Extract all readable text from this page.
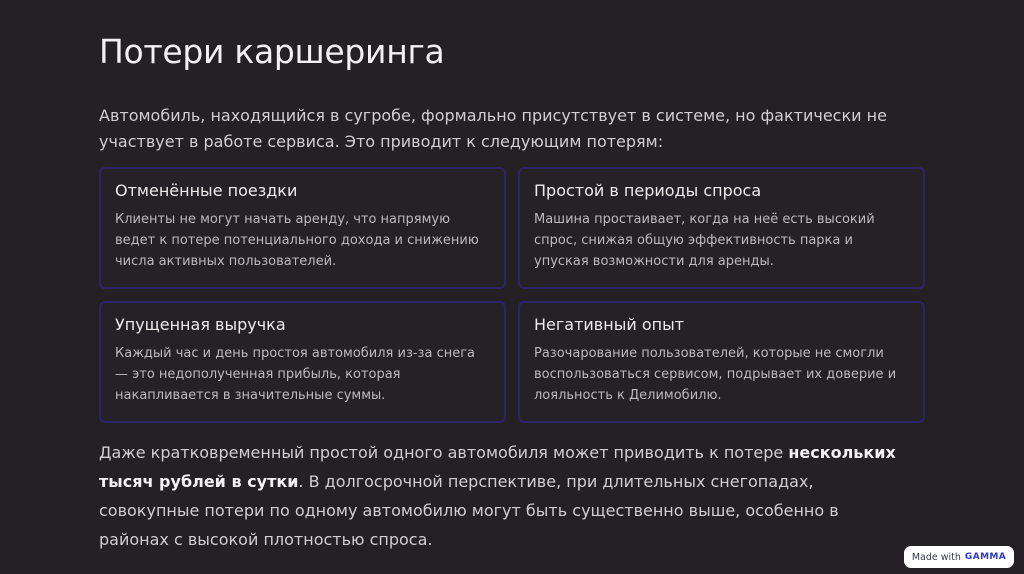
Потери каршеринга

Автомобиль, находящийся в сугробе, формально присутствует в системе, но фактически не участвует в работе сервиса. Это приводит к следующим потерям:

Отменённые поездки
Клиенты не могут начать аренду, что напрямую ведет к потере потенциального дохода и снижению числа активных пользователей.
Простой в периоды спроса
Машина простаивает, когда на неё есть высокий спрос, снижая общую эффективность парка и упуская возможности для аренды.
Упущенная выручка
Каждый час и день простоя автомобиля из-за снега — это недополученная прибыль, которая накапливается в значительные суммы.
Негативный опыт
Разочарование пользователей, которые не смогли воспользоваться сервисом, подрывает их доверие и лояльность к Делимобилю.

Даже кратковременный простой одного автомобиля может приводить к потере нескольких тысяч рублей в сутки. В долгосрочной перспективе, при длительных снегопадах, совокупные потери по одному автомобилю могут быть существенно выше, особенно в районах с высокой плотностью спроса.

Made with GAMMA
